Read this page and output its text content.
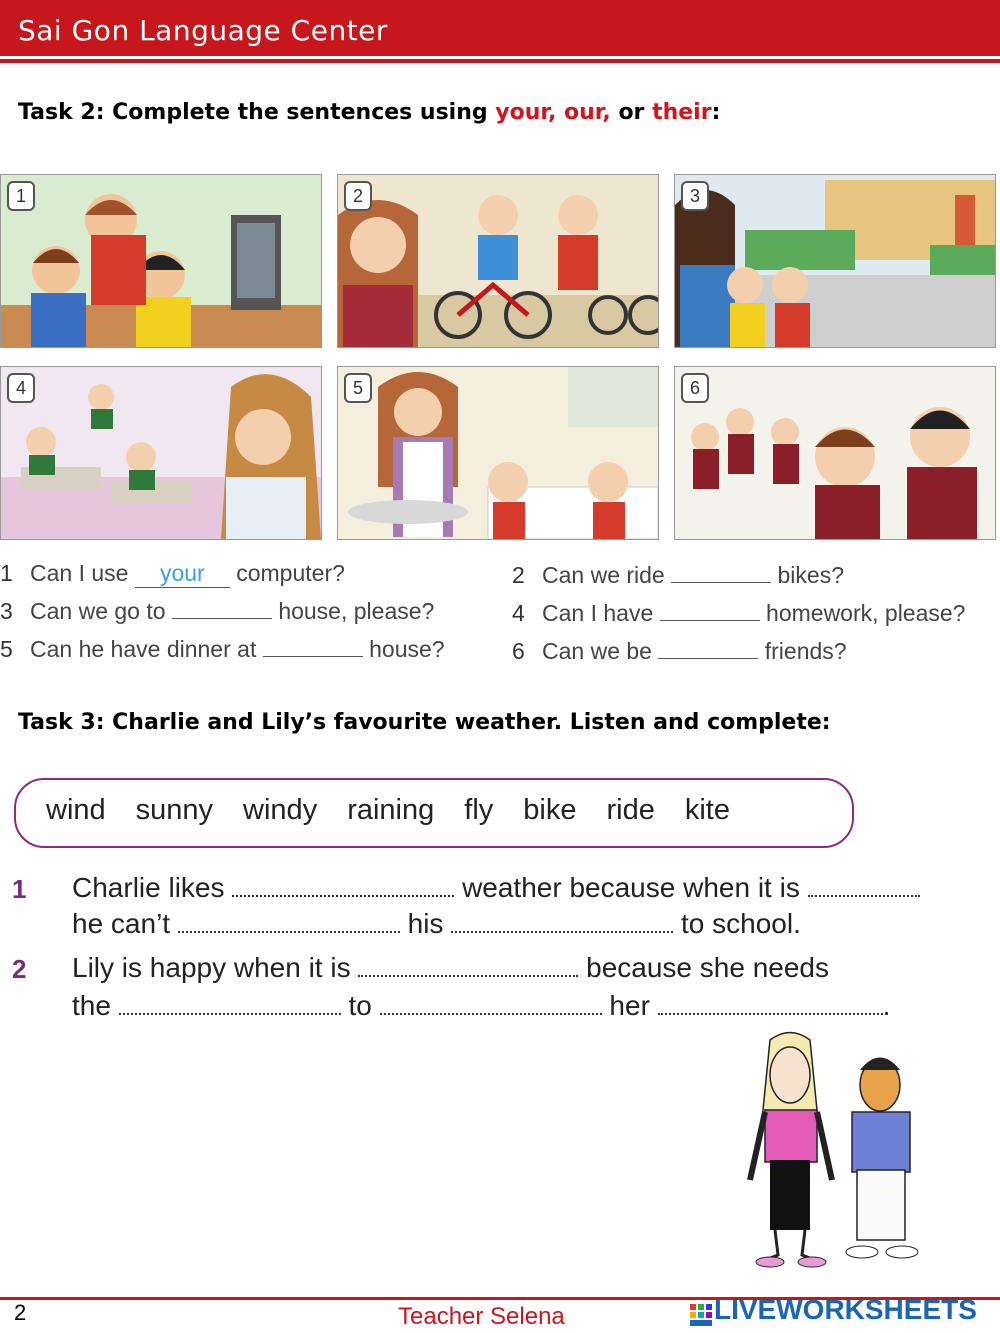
Sai Gon Language Center
Task 2: Complete the sentences using your, our, or their:
1	2	3
4	5	6
1 Can I use your computer?	2 Can we ride	bikes?
3 Can we go to	house, please?	4 Can I have	homework, please?
5 Can he have dinner at	house?	6 Can we be	friends?
Task 3: Charlie and Lily’s favourite weather. Listen and complete:
wind sunny windy raining fly bike ride kite
1 Charlie likes	weather because when it is
he can’t	his	to school.
2 Lily is happy when it is	because she needs
the	to	her	.
2	Teacher Selena	LIVEWORKSHEETS
